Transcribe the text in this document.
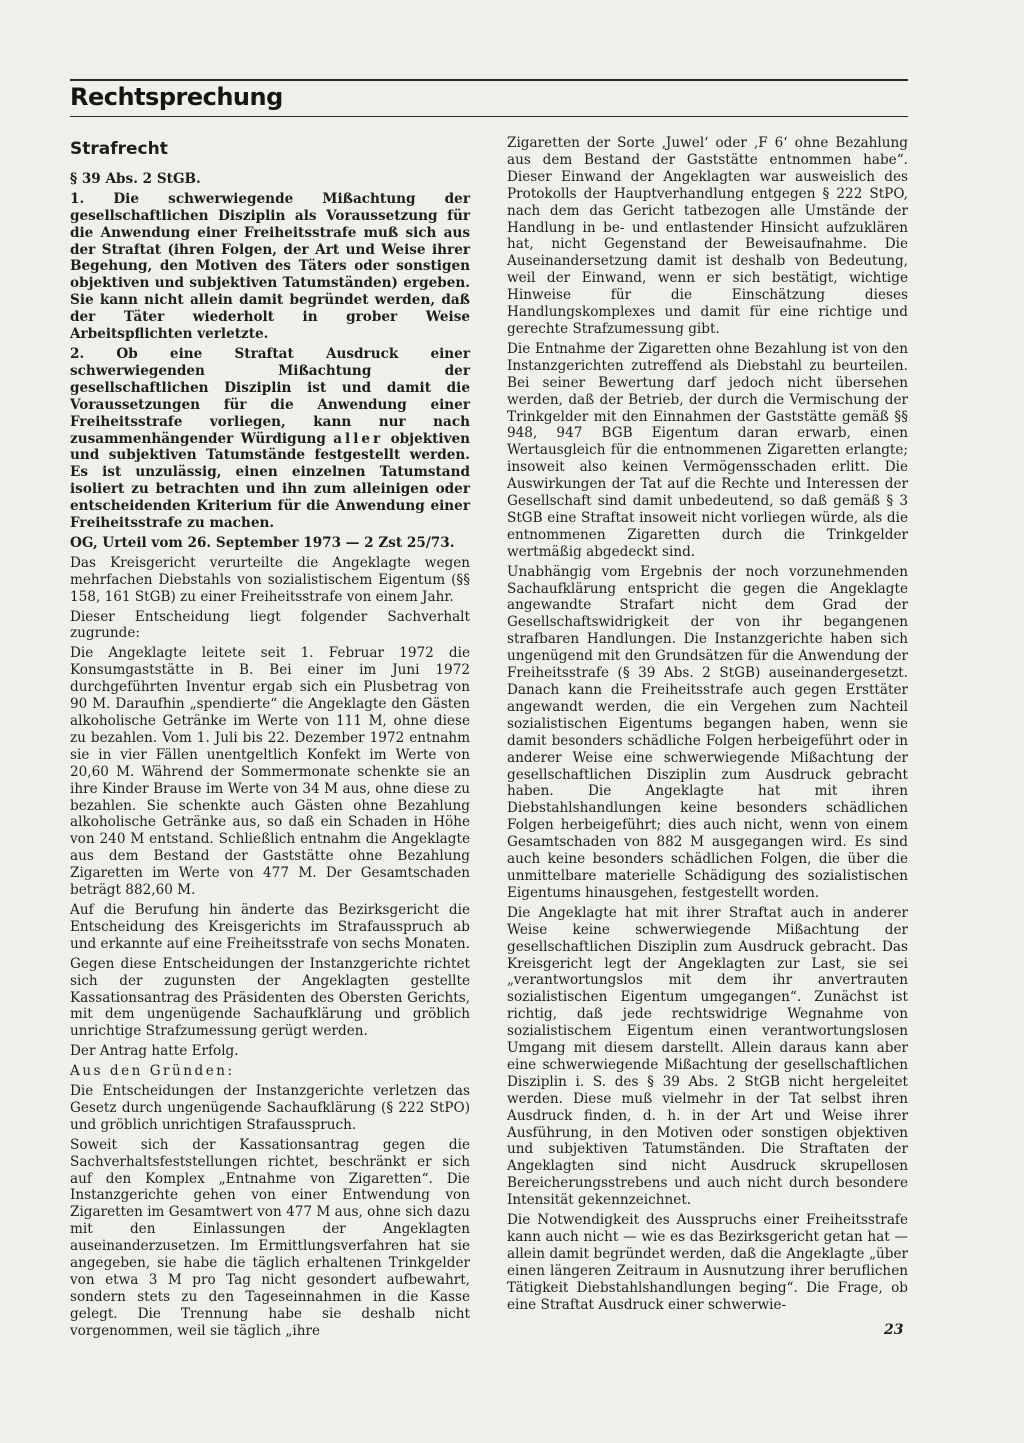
Rechtsprechung
Strafrecht

§ 39 Abs. 2 StGB.

1. Die schwerwiegende Mißachtung der gesellschaftlichen Disziplin als Voraussetzung für die Anwendung einer Freiheitsstrafe muß sich aus der Straftat (ihren Folgen, der Art und Weise ihrer Begehung, den Motiven des Täters oder sonstigen objektiven und subjektiven Tatumständen) ergeben. Sie kann nicht allein damit begründet werden, daß der Täter wiederholt in grober Weise Arbeitspflichten verletzte.

2. Ob eine Straftat Ausdruck einer schwerwiegenden Mißachtung der gesellschaftlichen Disziplin ist und damit die Voraussetzungen für die Anwendung einer Freiheitsstrafe vorliegen, kann nur nach zusammenhängender Würdigung aller objektiven und subjektiven Tatumstände festgestellt werden. Es ist unzulässig, einen einzelnen Tatumstand isoliert zu betrachten und ihn zum alleinigen oder entscheidenden Kriterium für die Anwendung einer Freiheitsstrafe zu machen.

OG, Urteil vom 26. September 1973 — 2 Zst 25/73.

Das Kreisgericht verurteilte die Angeklagte wegen mehrfachen Diebstahls von sozialistischem Eigentum (§§ 158, 161 StGB) zu einer Freiheitsstrafe von einem Jahr.

Dieser Entscheidung liegt folgender Sachverhalt zugrunde:

Die Angeklagte leitete seit 1. Februar 1972 die Konsumgaststätte in B. Bei einer im Juni 1972 durchgeführten Inventur ergab sich ein Plusbetrag von 90 M. Daraufhin „spendierte“ die Angeklagte den Gästen alkoholische Getränke im Werte von 111 M, ohne diese zu bezahlen. Vom 1. Juli bis 22. Dezember 1972 entnahm sie in vier Fällen unentgeltlich Konfekt im Werte von 20,60 M. Während der Sommermonate schenkte sie an ihre Kinder Brause im Werte von 34 M aus, ohne diese zu bezahlen. Sie schenkte auch Gästen ohne Bezahlung alkoholische Getränke aus, so daß ein Schaden in Höhe von 240 M entstand. Schließlich entnahm die Angeklagte aus dem Bestand der Gaststätte ohne Bezahlung Zigaretten im Werte von 477 M. Der Gesamtschaden beträgt 882,60 M.

Auf die Berufung hin änderte das Bezirksgericht die Entscheidung des Kreisgerichts im Strafausspruch ab und erkannte auf eine Freiheitsstrafe von sechs Monaten.

Gegen diese Entscheidungen der Instanzgerichte richtet sich der zugunsten der Angeklagten gestellte Kassationsantrag des Präsidenten des Obersten Gerichts, mit dem ungenügende Sachaufklärung und gröblich unrichtige Strafzumessung gerügt werden.

Der Antrag hatte Erfolg.

Aus den Gründen:

Die Entscheidungen der Instanzgerichte verletzen das Gesetz durch ungenügende Sachaufklärung (§ 222 StPO) und gröblich unrichtigen Strafausspruch.

Soweit sich der Kassationsantrag gegen die Sachverhaltsfeststellungen richtet, beschränkt er sich auf den Komplex „Entnahme von Zigaretten“. Die Instanzgerichte gehen von einer Entwendung von Zigaretten im Gesamtwert von 477 M aus, ohne sich dazu mit den Einlassungen der Angeklagten auseinanderzusetzen. Im Ermittlungsverfahren hat sie angegeben, sie habe die täglich erhaltenen Trinkgelder von etwa 3 M pro Tag nicht gesondert aufbewahrt, sondern stets zu den Tageseinnahmen in die Kasse gelegt. Die Trennung habe sie deshalb nicht vorgenommen, weil sie täglich „ihre

Zigaretten der Sorte ‚Juwel‘ oder ‚F 6‘ ohne Bezahlung aus dem Bestand der Gaststätte entnommen habe“. Dieser Einwand der Angeklagten war ausweislich des Protokolls der Hauptverhandlung entgegen § 222 StPO, nach dem das Gericht tatbezogen alle Umstände der Handlung in be- und entlastender Hinsicht aufzuklären hat, nicht Gegenstand der Beweisaufnahme. Die Auseinandersetzung damit ist deshalb von Bedeutung, weil der Einwand, wenn er sich bestätigt, wichtige Hinweise für die Einschätzung dieses Handlungskomplexes und damit für eine richtige und gerechte Strafzumessung gibt.

Die Entnahme der Zigaretten ohne Bezahlung ist von den Instanzgerichten zutreffend als Diebstahl zu beurteilen. Bei seiner Bewertung darf jedoch nicht übersehen werden, daß der Betrieb, der durch die Vermischung der Trinkgelder mit den Einnahmen der Gaststätte gemäß §§ 948, 947 BGB Eigentum daran erwarb, einen Wertausgleich für die entnommenen Zigaretten erlangte; insoweit also keinen Vermögensschaden erlitt. Die Auswirkungen der Tat auf die Rechte und Interessen der Gesellschaft sind damit unbedeutend, so daß gemäß § 3 StGB eine Straftat insoweit nicht vorliegen würde, als die entnommenen Zigaretten durch die Trinkgelder wertmäßig abgedeckt sind.

Unabhängig vom Ergebnis der noch vorzunehmenden Sachaufklärung entspricht die gegen die Angeklagte angewandte Strafart nicht dem Grad der Gesellschaftswidrigkeit der von ihr begangenen strafbaren Handlungen. Die Instanzgerichte haben sich ungenügend mit den Grundsätzen für die Anwendung der Freiheitsstrafe (§ 39 Abs. 2 StGB) auseinandergesetzt. Danach kann die Freiheitsstrafe auch gegen Ersttäter angewandt werden, die ein Vergehen zum Nachteil sozialistischen Eigentums begangen haben, wenn sie damit besonders schädliche Folgen herbeigeführt oder in anderer Weise eine schwerwiegende Mißachtung der gesellschaftlichen Disziplin zum Ausdruck gebracht haben. Die Angeklagte hat mit ihren Diebstahlshandlungen keine besonders schädlichen Folgen herbeigeführt; dies auch nicht, wenn von einem Gesamtschaden von 882 M ausgegangen wird. Es sind auch keine besonders schädlichen Folgen, die über die unmittelbare materielle Schädigung des sozialistischen Eigentums hinausgehen, festgestellt worden.

Die Angeklagte hat mit ihrer Straftat auch in anderer Weise keine schwerwiegende Mißachtung der gesellschaftlichen Disziplin zum Ausdruck gebracht. Das Kreisgericht legt der Angeklagten zur Last, sie sei „verantwortungslos mit dem ihr anvertrauten sozialistischen Eigentum umgegangen“. Zunächst ist richtig, daß jede rechtswidrige Wegnahme von sozialistischem Eigentum einen verantwortungslosen Umgang mit diesem darstellt. Allein daraus kann aber eine schwerwiegende Mißachtung der gesellschaftlichen Disziplin i. S. des § 39 Abs. 2 StGB nicht hergeleitet werden. Diese muß vielmehr in der Tat selbst ihren Ausdruck finden, d. h. in der Art und Weise ihrer Ausführung, in den Motiven oder sonstigen objektiven und subjektiven Tatumständen. Die Straftaten der Angeklagten sind nicht Ausdruck skrupellosen Bereicherungsstrebens und auch nicht durch besondere Intensität gekennzeichnet.

Die Notwendigkeit des Ausspruchs einer Freiheitsstrafe kann auch nicht — wie es das Bezirksgericht getan hat — allein damit begründet werden, daß die Angeklagte „über einen längeren Zeitraum in Ausnutzung ihrer beruflichen Tätigkeit Diebstahlshandlungen beging“. Die Frage, ob eine Straftat Ausdruck einer schwerwie-

23
